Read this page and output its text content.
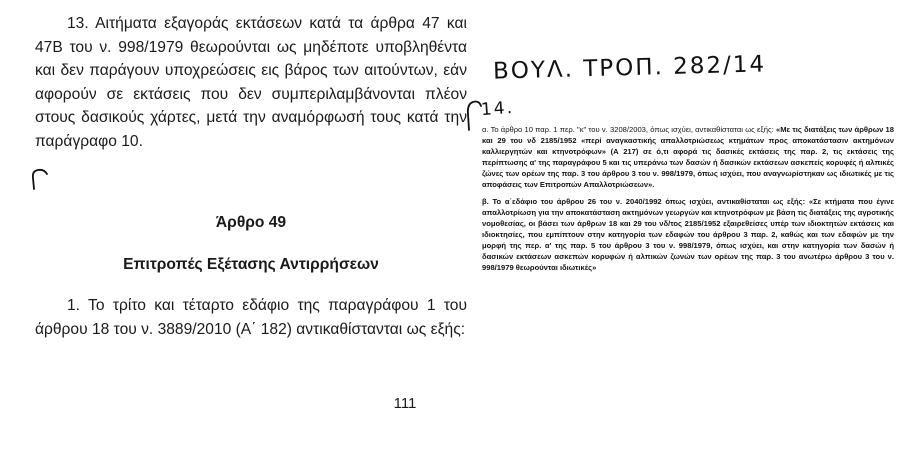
13. Αιτήματα εξαγοράς εκτάσεων κατά τα άρθρα 47 και 47Β του ν. 998/1979 θεωρούνται ως μηδέποτε υποβληθέντα και δεν παράγουν υποχρεώσεις εις βάρος των αιτούντων, εάν αφορούν σε εκτάσεις που δεν συμπεριλαμβάνονται πλέον στους δασικούς χάρτες, μετά την αναμόρφωσή τους κατά την παράγραφο 10.

Άρθρο 49
Επιτροπές Εξέτασης Αντιρρήσεων

1. Το τρίτο και τέταρτο εδάφιο της παραγράφου 1 του άρθρου 18 του ν. 3889/2010 (Α΄ 182) αντικαθίστανται ως εξής:

111
ΒΟΥΛ. ΤΡΟΠ. 282/14
14.

α. Το άρθρο 10 παρ. 1 περ. "κ" του ν. 3208/2003, όπως ισχύει, αντικαθίσταται ως εξής: «Με τις διατάξεις των άρθρων 18 και 29 του νδ 2185/1952 «περί αναγκαστικής απαλλοτριώσεως κτημάτων προς αποκατάστασιν ακτημόνων καλλιεργητών και κτηνοτρόφων» (Α 217) σε ό,τι αφορά τις δασικές εκτάσεις της παρ. 2, τις εκτάσεις της περίπτωσης α' της παραγράφου 5 και τις υπεράνω των δασών ή δασικών εκτάσεων ασκεπείς κορυφές ή αλπικές ζώνες των ορέων της παρ. 3 του άρθρου 3 του ν. 998/1979, όπως ισχύει, που αναγνωρίστηκαν ως ιδιωτικές με τις αποφάσεις των Επιτροπών Απαλλοτριώσεων».

β. Το α΄εδάφιο του άρθρου 26 του ν. 2040/1992 όπως ισχύει, αντικαθίσταται ως εξής: «Σε κτήματα που έγινε απαλλοτρίωση για την αποκατάσταση ακτημόνων γεωργών και κτηνοτρόφων με βάση τις διατάξεις της αγροτικής νομοθεσίας, οι βάσει των άρθρων 18 και 29 του νδ/τος 2185/1952 εξαιρεθείσες υπέρ των ιδιοκτητών εκτάσεις και ιδιοκτησίες, που εμπίπτουν στην κατηγορία των εδαφών του άρθρου 3 παρ. 2, καθώς και των εδαφών με την μορφή της περ. α' της παρ. 5 του άρθρου 3 του ν. 998/1979, όπως ισχύει, και στην κατηγορία των δασών ή δασικών εκτάσεων ασκεπών κορυφών ή αλπικών ζωνών των ορέων της παρ. 3 του ανωτέρω άρθρου 3 του ν. 998/1979 θεωρούνται ιδιωτικές»
